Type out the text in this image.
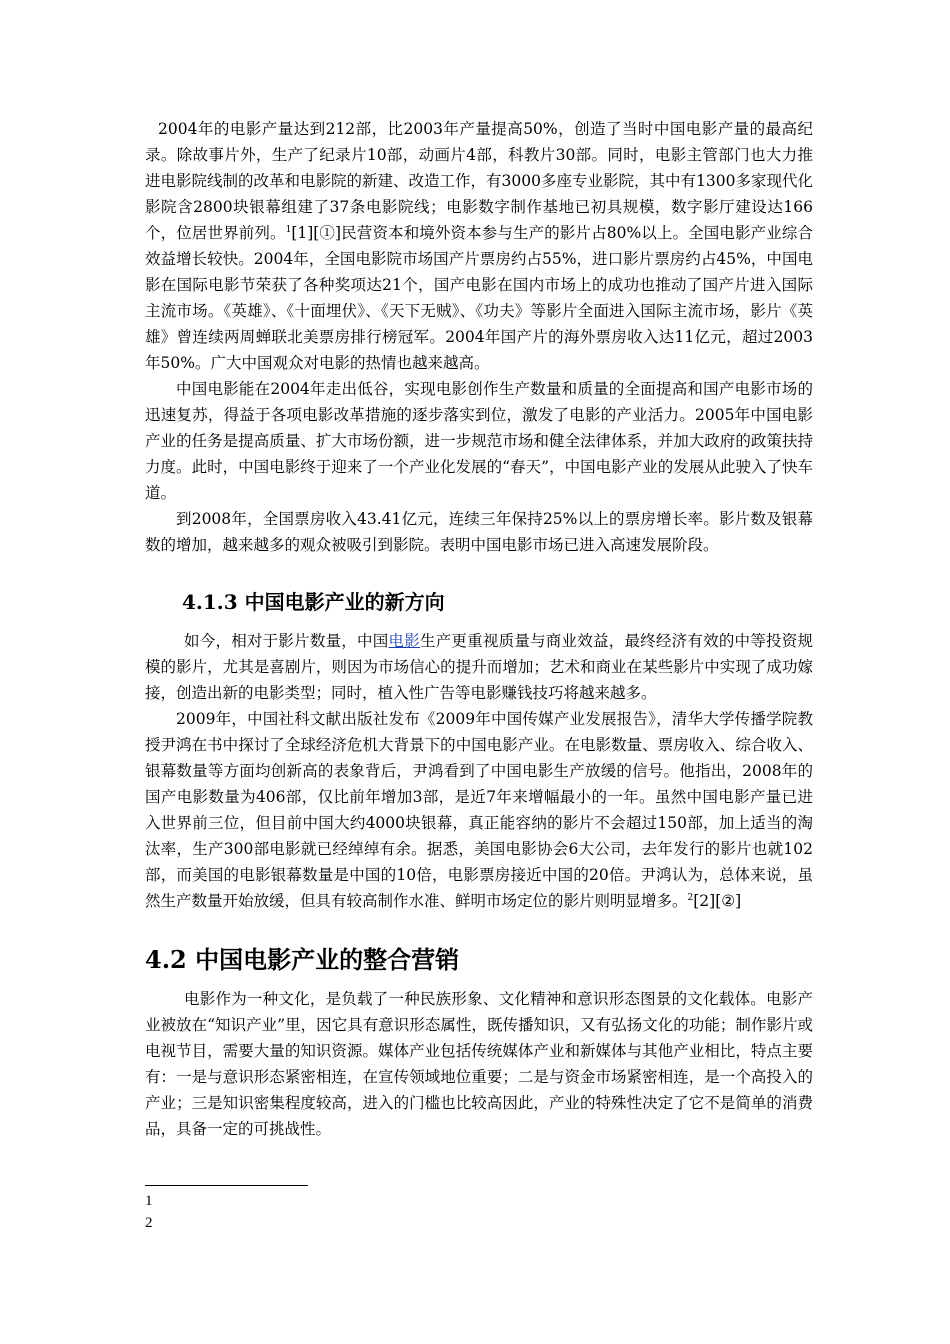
2004年的电影产量达到212部，比2003年产量提高50%，创造了当时中国电影产量的最高纪录。除故事片外，生产了纪录片10部，动画片4部，科教片30部。同时，电影主管部门也大力推进电影院线制的改革和电影院的新建、改造工作，有3000多座专业影院，其中有1300多家现代化影院含2800块银幕组建了37条电影院线；电影数字制作基地已初具规模，数字影厅建设达166个，位居世界前列。$^1$[1][①]民营资本和境外资本参与生产的影片占80%以上。全国电影产业综合效益增长较快。2004年，全国电影院市场国产片票房约占55%，进口影片票房约占45%，中国电影在国际电影节荣获了各种奖项达21个，国产电影在国内市场上的成功也推动了国产片进入国际主流市场。《英雄》、《十面埋伏》、《天下无贼》、《功夫》等影片全面进入国际主流市场，影片《英雄》曾连续两周蝉联北美票房排行榜冠军。2004年国产片的海外票房收入达11亿元，超过2003年50%。广大中国观众对电影的热情也越来越高。

中国电影能在2004年走出低谷，实现电影创作生产数量和质量的全面提高和国产电影市场的迅速复苏，得益于各项电影改革措施的逐步落实到位，激发了电影的产业活力。2005年中国电影产业的任务是提高质量、扩大市场份额，进一步规范市场和健全法律体系，并加大政府的政策扶持力度。此时，中国电影终于迎来了一个产业化发展的“春天”，中国电影产业的发展从此驶入了快车道。

到2008年，全国票房收入43.41亿元，连续三年保持25%以上的票房增长率。影片数及银幕数的增加，越来越多的观众被吸引到影院。表明中国电影市场已进入高速发展阶段。

4.1.3 中国电影产业的新方向

如今，相对于影片数量，中国电影生产更重视质量与商业效益，最终经济有效的中等投资规模的影片，尤其是喜剧片，则因为市场信心的提升而增加；艺术和商业在某些影片中实现了成功嫁接，创造出新的电影类型；同时，植入性广告等电影赚钱技巧将越来越多。

2009年，中国社科文献出版社发布《2009年中国传媒产业发展报告》，清华大学传播学院教授尹鸿在书中探讨了全球经济危机大背景下的中国电影产业。在电影数量、票房收入、综合收入、银幕数量等方面均创新高的表象背后，尹鸿看到了中国电影生产放缓的信号。他指出，2008年的国产电影数量为406部，仅比前年增加3部，是近7年来增幅最小的一年。虽然中国电影产量已进入世界前三位，但目前中国大约4000块银幕，真正能容纳的影片不会超过150部，加上适当的淘汰率，生产300部电影就已经绰绰有余。据悉，美国电影协会6大公司，去年发行的影片也就102部，而美国的电影银幕数量是中国的10倍，电影票房接近中国的20倍。尹鸿认为，总体来说，虽然生产数量开始放缓，但具有较高制作水准、鲜明市场定位的影片则明显增多。$^2$[2][②]

4.2 中国电影产业的整合营销

电影作为一种文化，是负载了一种民族形象、文化精神和意识形态图景的文化载体。电影产业被放在“知识产业”里，因它具有意识形态属性，既传播知识，又有弘扬文化的功能；制作影片或电视节目，需要大量的知识资源。媒体产业包括传统媒体产业和新媒体与其他产业相比，特点主要有：一是与意识形态紧密相连，在宣传领域地位重要；二是与资金市场紧密相连，是一个高投入的产业；三是知识密集程度较高，进入的门槛也比较高因此，产业的特殊性决定了它不是简单的消费品，具备一定的可挑战性。

1
2
